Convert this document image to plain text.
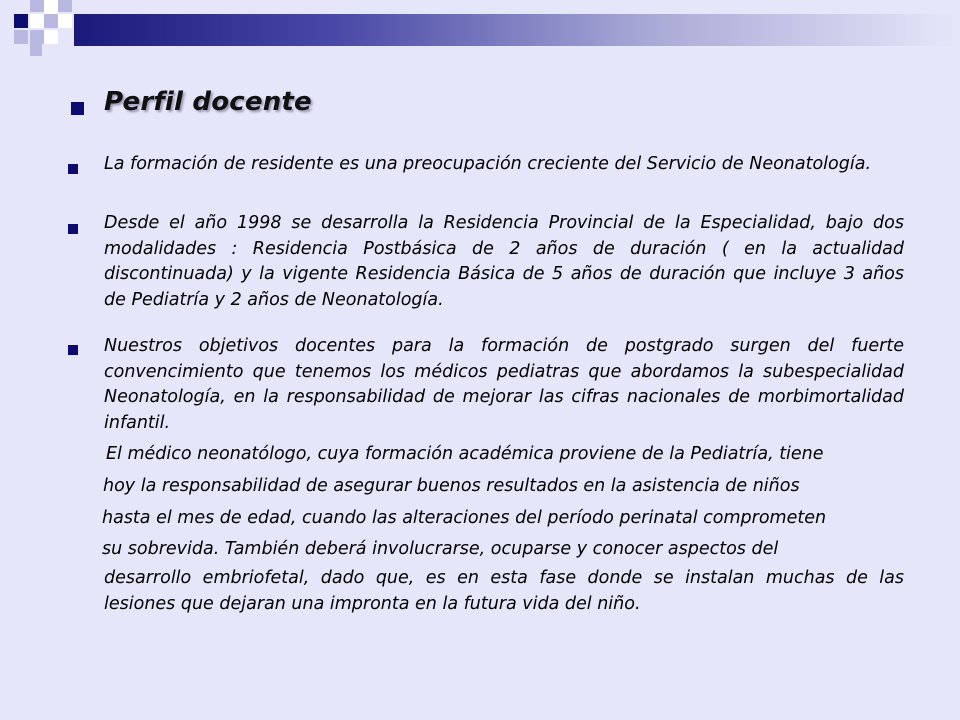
Perfil docente
La formación de residente es una preocupación creciente del Servicio de Neonatología.
Desde el año 1998 se desarrolla la Residencia Provincial de la Especialidad, bajo dos modalidades : Residencia Postbásica de 2 años de duración ( en la actualidad discontinuada) y la vigente Residencia Básica de 5 años de duración que incluye 3 años de Pediatría y 2 años de Neonatología.
Nuestros objetivos docentes para la formación de postgrado surgen del fuerte convencimiento que tenemos los médicos pediatras que abordamos la subespecialidad Neonatología, en la responsabilidad de mejorar las cifras nacionales de morbimortalidad infantil.
El médico neonatólogo, cuya formación académica proviene de la Pediatría, tiene
hoy la responsabilidad de asegurar buenos resultados en la asistencia de niños
hasta el mes de edad, cuando las alteraciones del período perinatal comprometen
su sobrevida. También deberá involucrarse, ocuparse y conocer aspectos del
desarrollo embriofetal, dado que, es en esta fase donde se instalan muchas de las lesiones que dejaran una impronta en la futura vida del niño.
